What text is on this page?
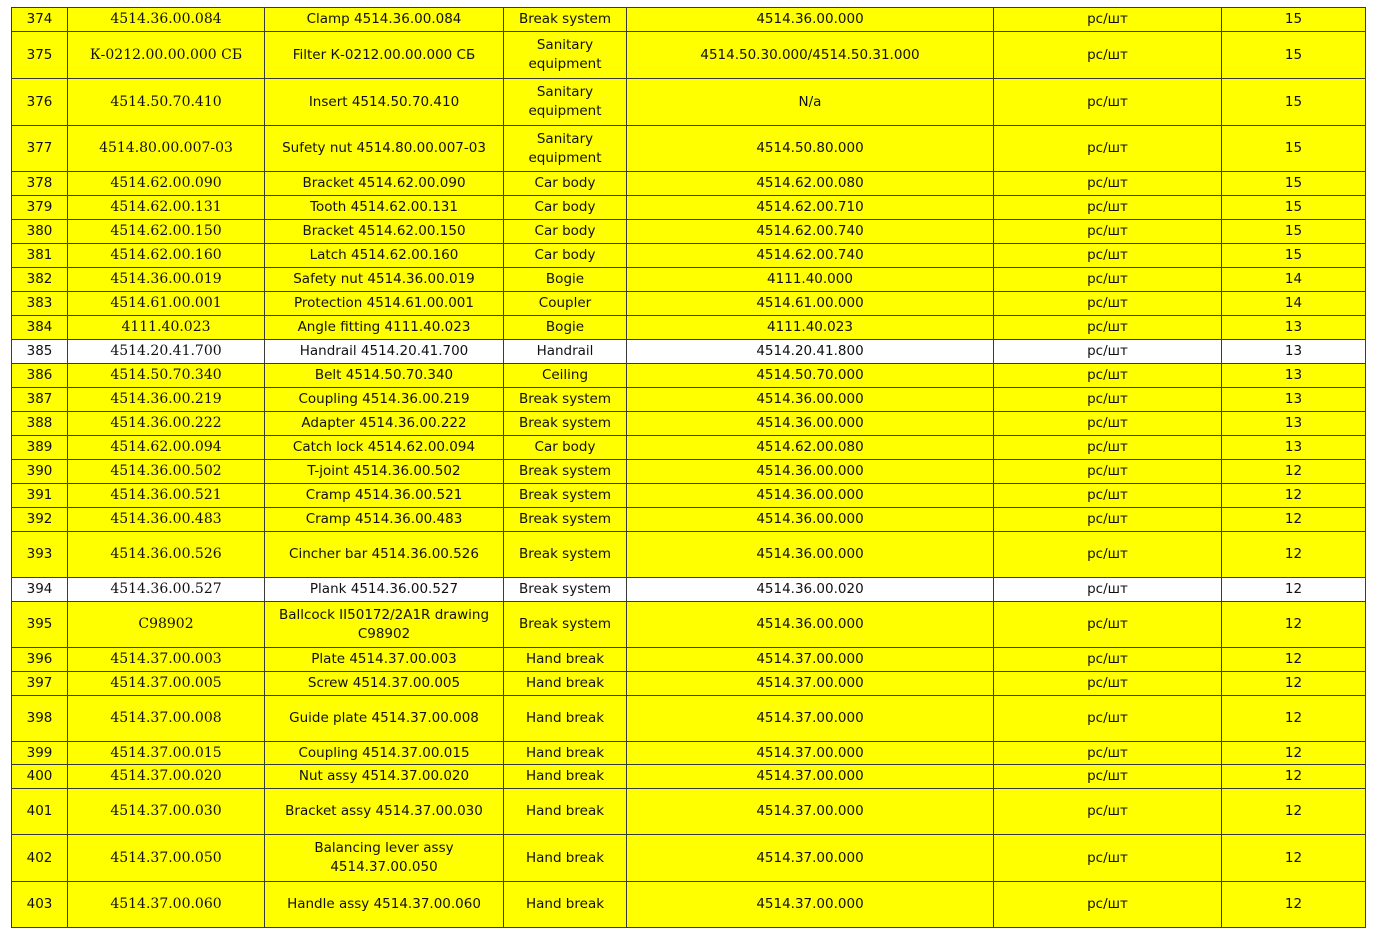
374	4514.36.00.084	Clamp 4514.36.00.084	Break system	4514.36.00.000	pc/шт	15
375	К-0212.00.00.000 СБ	Filter К-0212.00.00.000 СБ	Sanitary equipment	4514.50.30.000/4514.50.31.000	pc/шт	15
376	4514.50.70.410	Insert 4514.50.70.410	Sanitary equipment	N/a	pc/шт	15
377	4514.80.00.007-03	Sufety nut 4514.80.00.007-03	Sanitary equipment	4514.50.80.000	pc/шт	15
378	4514.62.00.090	Bracket 4514.62.00.090	Car body	4514.62.00.080	pc/шт	15
379	4514.62.00.131	Tooth 4514.62.00.131	Car body	4514.62.00.710	pc/шт	15
380	4514.62.00.150	Bracket 4514.62.00.150	Car body	4514.62.00.740	pc/шт	15
381	4514.62.00.160	Latch 4514.62.00.160	Car body	4514.62.00.740	pc/шт	15
382	4514.36.00.019	Safety nut 4514.36.00.019	Bogie	4111.40.000	pc/шт	14
383	4514.61.00.001	Protection 4514.61.00.001	Coupler	4514.61.00.000	pc/шт	14
384	4111.40.023	Angle fitting 4111.40.023	Bogie	4111.40.023	pc/шт	13
385	4514.20.41.700	Handrail 4514.20.41.700	Handrail	4514.20.41.800	pc/шт	13
386	4514.50.70.340	Belt 4514.50.70.340	Ceiling	4514.50.70.000	pc/шт	13
387	4514.36.00.219	Coupling 4514.36.00.219	Break system	4514.36.00.000	pc/шт	13
388	4514.36.00.222	Adapter 4514.36.00.222	Break system	4514.36.00.000	pc/шт	13
389	4514.62.00.094	Catch lock 4514.62.00.094	Car body	4514.62.00.080	pc/шт	13
390	4514.36.00.502	T-joint 4514.36.00.502	Break system	4514.36.00.000	pc/шт	12
391	4514.36.00.521	Cramp 4514.36.00.521	Break system	4514.36.00.000	pc/шт	12
392	4514.36.00.483	Cramp 4514.36.00.483	Break system	4514.36.00.000	pc/шт	12
393	4514.36.00.526	Cincher bar 4514.36.00.526	Break system	4514.36.00.000	pc/шт	12
394	4514.36.00.527	Plank 4514.36.00.527	Break system	4514.36.00.020	pc/шт	12
395	C98902	Ballcock II50172/2A1R drawing C98902	Break system	4514.36.00.000	pc/шт	12
396	4514.37.00.003	Plate 4514.37.00.003	Hand break	4514.37.00.000	pc/шт	12
397	4514.37.00.005	Screw 4514.37.00.005	Hand break	4514.37.00.000	pc/шт	12
398	4514.37.00.008	Guide plate 4514.37.00.008	Hand break	4514.37.00.000	pc/шт	12
399	4514.37.00.015	Coupling 4514.37.00.015	Hand break	4514.37.00.000	pc/шт	12
400	4514.37.00.020	Nut assy 4514.37.00.020	Hand break	4514.37.00.000	pc/шт	12
401	4514.37.00.030	Bracket assy 4514.37.00.030	Hand break	4514.37.00.000	pc/шт	12
402	4514.37.00.050	Balancing lever assy 4514.37.00.050	Hand break	4514.37.00.000	pc/шт	12
403	4514.37.00.060	Handle assy 4514.37.00.060	Hand break	4514.37.00.000	pc/шт	12
